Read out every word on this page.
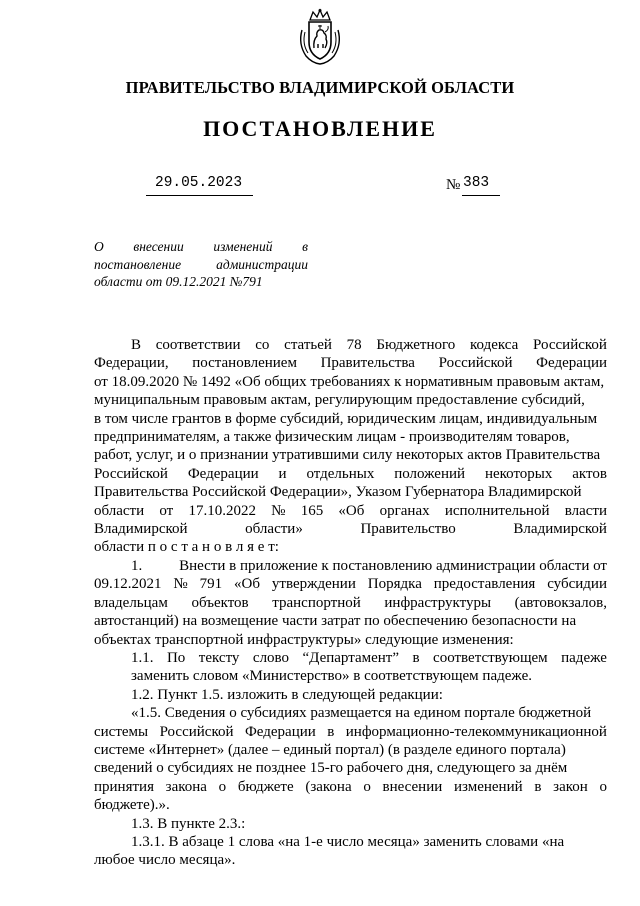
ПРАВИТЕЛЬСТВО ВЛАДИМИРСКОЙ ОБЛАСТИ
ПОСТАНОВЛЕНИЕ
29.05.2023	№ 383
О внесении изменений в
постановление	администрации
области от 09.12.2021 №791
В соответствии со статьей 78 Бюджетного кодекса Российской
Федерации, постановлением Правительства Российской Федерации
от 18.09.2020 № 1492 «Об общих требованиях к нормативным правовым актам,
муниципальным правовым актам, регулирующим предоставление субсидий,
в том числе грантов в форме субсидий, юридическим лицам, индивидуальным
предпринимателям, а также физическим лицам - производителям товаров,
работ, услуг, и о признании утратившими силу некоторых актов Правительства
Российской Федерации и отдельных положений некоторых актов
Правительства Российской Федерации», Указом Губернатора Владимирской
области от 17.10.2022 № 165 «Об органах исполнительной власти
Владимирской	области»	Правительство	Владимирской
области п о с т а н о в л я е т:
1. Внести в приложение к постановлению администрации области от
09.12.2021 № 791 «Об утверждении Порядка предоставления субсидии
владельцам объектов транспортной инфраструктуры (автовокзалов,
автостанций) на возмещение части затрат по обеспечению безопасности на
объектах транспортной инфраструктуры» следующие изменения:
1.1. По тексту слово “Департамент” в соответствующем падеже
заменить словом «Министерство» в соответствующем падеже.
1.2. Пункт 1.5. изложить в следующей редакции:
«1.5. Сведения о субсидиях размещается на едином портале бюджетной
системы Российской Федерации в информационно-телекоммуникационной
системе «Интернет» (далее – единый портал) (в разделе единого портала)
сведений о субсидиях не позднее 15-го рабочего дня, следующего за днём
принятия закона о бюджете (закона о внесении изменений в закон о
бюджете).».
1.3. В пункте 2.3.:
1.3.1. В абзаце 1 слова «на 1-е число месяца» заменить словами «на
любое число месяца».
